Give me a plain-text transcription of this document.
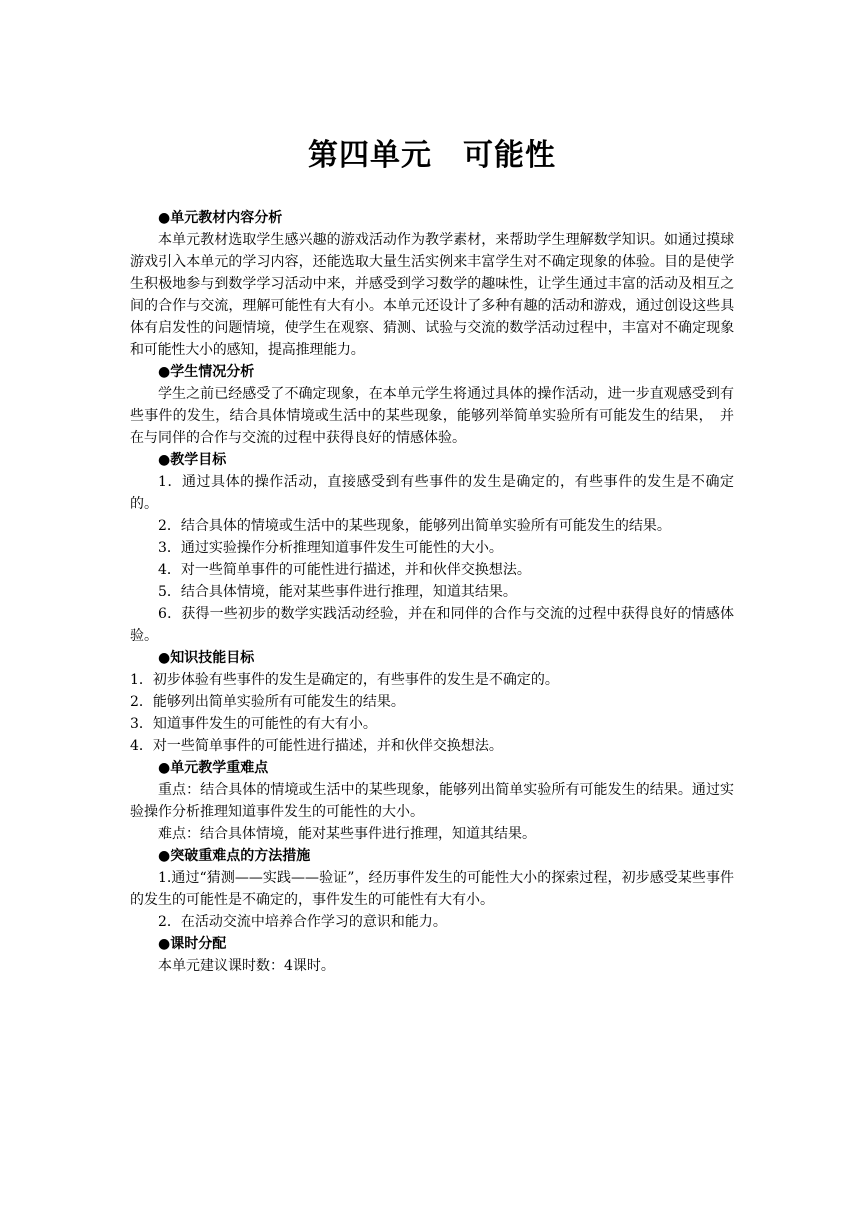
第四单元　可能性
●单元教材内容分析

本单元教材选取学生感兴趣的游戏活动作为教学素材，来帮助学生理解数学知识。如通过摸球游戏引入本单元的学习内容，还能选取大量生活实例来丰富学生对不确定现象的体验。目的是使学生积极地参与到数学学习活动中来，并感受到学习数学的趣味性，让学生通过丰富的活动及相互之间的合作与交流，理解可能性有大有小。本单元还设计了多种有趣的活动和游戏，通过创设这些具体有启发性的问题情境，使学生在观察、猜测、试验与交流的数学活动过程中，丰富对不确定现象和可能性大小的感知，提高推理能力。

●学生情况分析

学生之前已经感受了不确定现象，在本单元学生将通过具体的操作活动，进一步直观感受到有些事件的发生，结合具体情境或生活中的某些现象，能够列举简单实验所有可能发生的结果，　并在与同伴的合作与交流的过程中获得良好的情感体验。

●教学目标

1．通过具体的操作活动，直接感受到有些事件的发生是确定的，有些事件的发生是不确定的。

2．结合具体的情境或生活中的某些现象，能够列出简单实验所有可能发生的结果。

3．通过实验操作分析推理知道事件发生可能性的大小。

4．对一些简单事件的可能性进行描述，并和伙伴交换想法。

5．结合具体情境，能对某些事件进行推理，知道其结果。

6．获得一些初步的数学实践活动经验，并在和同伴的合作与交流的过程中获得良好的情感体验。

●知识技能目标

1．初步体验有些事件的发生是确定的，有些事件的发生是不确定的。

2．能够列出简单实验所有可能发生的结果。

3．知道事件发生的可能性的有大有小。

4．对一些简单事件的可能性进行描述，并和伙伴交换想法。

●单元教学重难点

重点：结合具体的情境或生活中的某些现象，能够列出简单实验所有可能发生的结果。通过实验操作分析推理知道事件发生的可能性的大小。

难点：结合具体情境，能对某些事件进行推理，知道其结果。

●突破重难点的方法措施

1.通过“猜测——实践——验证”，经历事件发生的可能性大小的探索过程，初步感受某些事件的发生的可能性是不确定的，事件发生的可能性有大有小。

2．在活动交流中培养合作学习的意识和能力。

●课时分配

本单元建议课时数：4课时。
